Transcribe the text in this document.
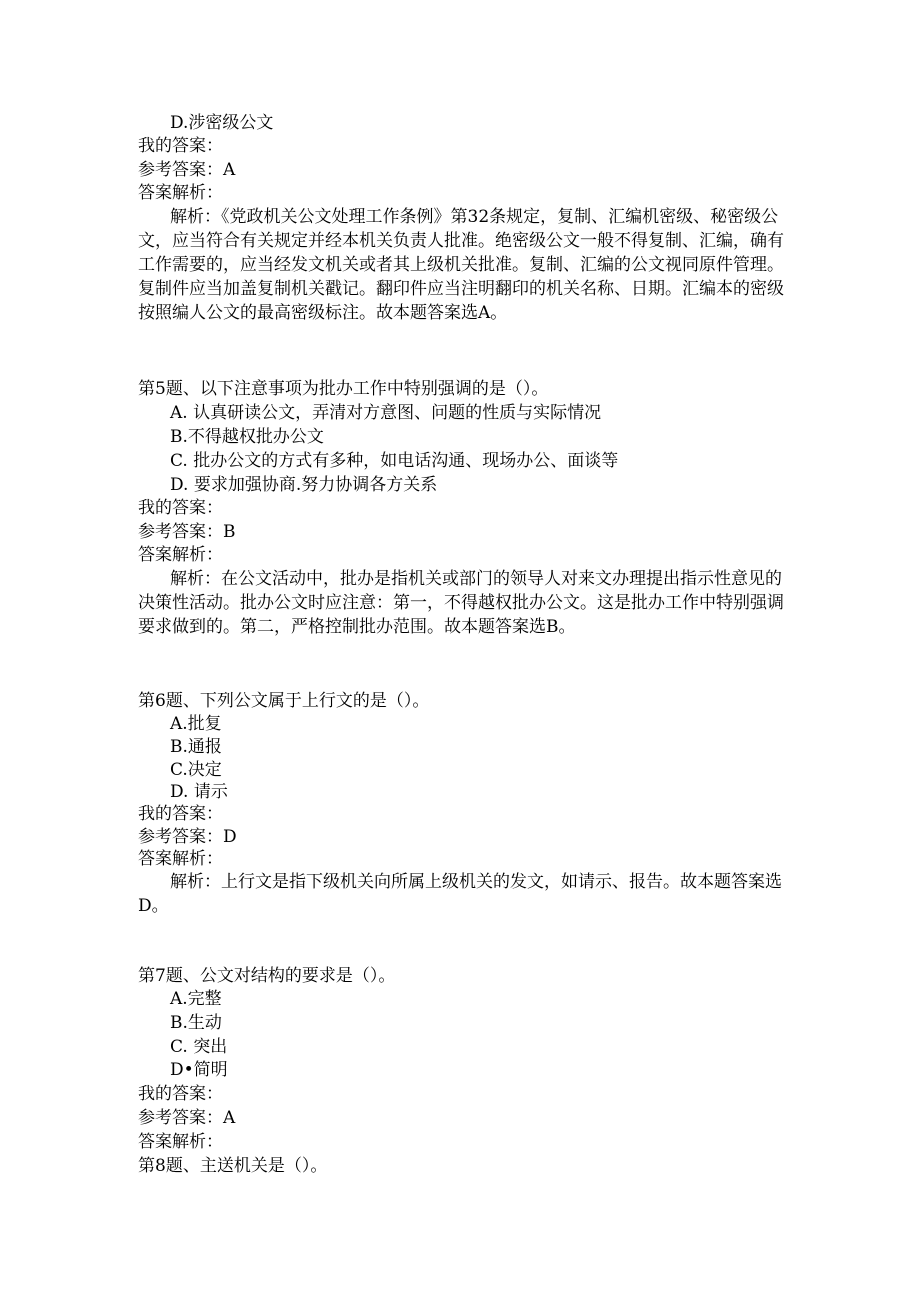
D.涉密级公文

我的答案：

参考答案：A

答案解析：

解析：《党政机关公文处理工作条例》第32条规定，复制、汇编机密级、秘密级公文，应当符合有关规定并经本机关负责人批准。绝密级公文一般不得复制、汇编，确有工作需要的，应当经发文机关或者其上级机关批准。复制、汇编的公文视同原件管理。复制件应当加盖复制机关戳记。翻印件应当注明翻印的机关名称、日期。汇编本的密级按照编人公文的最高密级标注。故本题答案选A。

第5题、以下注意事项为批办工作中特别强调的是（）。

A. 认真研读公文，弄清对方意图、问题的性质与实际情况

B.不得越权批办公文

C. 批办公文的方式有多种，如电话沟通、现场办公、面谈等

D. 要求加强协商.努力协调各方关系

我的答案：

参考答案：B

答案解析：

解析：在公文活动中，批办是指机关或部门的领导人对来文办理提出指示性意见的决策性活动。批办公文时应注意：第一，不得越权批办公文。这是批办工作中特别强调要求做到的。第二，严格控制批办范围。故本题答案选B。

第6题、下列公文属于上行文的是（）。

A.批复

B.通报

C.决定

D. 请示

我的答案：

参考答案：D

答案解析：

解析：上行文是指下级机关向所属上级机关的发文，如请示、报告。故本题答案选D。

第7题、公文对结构的要求是（）。

A.完整

B.生动

C. 突出

D•简明

我的答案：

参考答案：A

答案解析：

第8题、主送机关是（）。
